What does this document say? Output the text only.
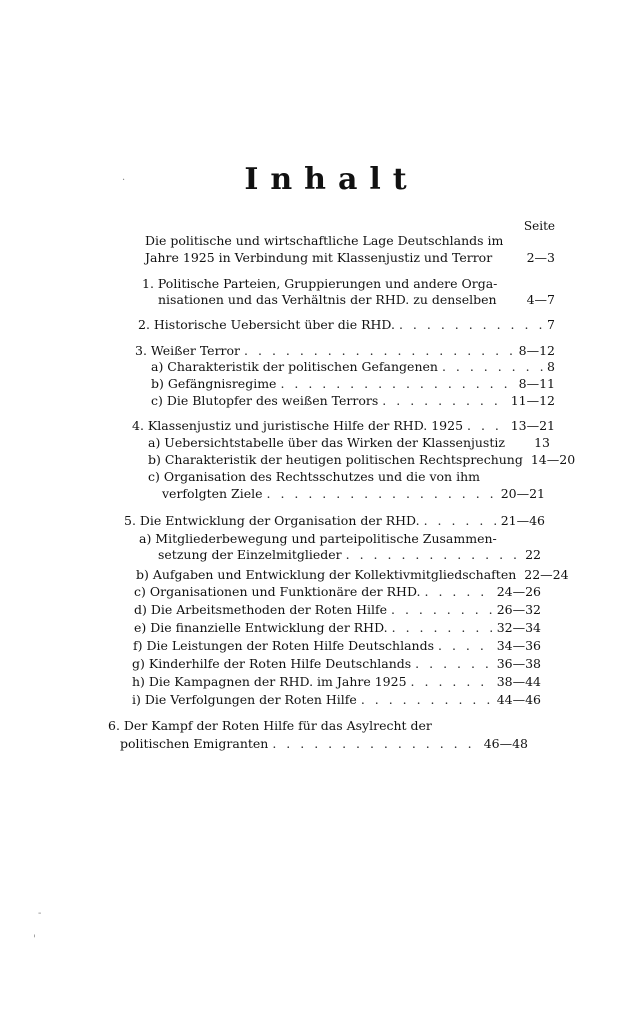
Inhalt
Seite
Die politische und wirtschaftliche Lage Deutschlands im
Jahre 1925 in Verbindung mit Klassenjustiz und Terror	2—3
1. Politische Parteien, Gruppierungen und andere Orga-
nisationen und das Verhältnis der RHD. zu denselben 4—7
2. Historische Uebersicht über die RHD. . . .	7
3. Weißer Terror . . .	8—12
a) Charakteristik der politischen Gefangenen . . .	8
b) Gefängnisregime . . .	8—11
c) Die Blutopfer des weißen Terrors . . .	11—12
4. Klassenjustiz und juristische Hilfe der RHD. 1925 . . .	13—21
a) Uebersichtstabelle über das Wirken der Klassenjustiz 13
b) Charakteristik der heutigen politischen Rechtsprechung 14—20
c) Organisation des Rechtsschutzes und die von ihm
verfolgten Ziele . . .	20—21
5. Die Entwicklung der Organisation der RHD. . . .	21—46
a) Mitgliederbewegung und parteipolitische Zusammen-
setzung der Einzelmitglieder . . .	22
b) Aufgaben und Entwicklung der Kollektivmitgliedschaften 22—24
c) Organisationen und Funktionäre der RHD. . . .	24—26
d) Die Arbeitsmethoden der Roten Hilfe . . .	26—32
e) Die finanzielle Entwicklung der RHD. . . .	32—34
f) Die Leistungen der Roten Hilfe Deutschlands . . .	34—36
g) Kinderhilfe der Roten Hilfe Deutschlands . . .	36—38
h) Die Kampagnen der RHD. im Jahre 1925 . . .	38—44
i) Die Verfolgungen der Roten Hilfe . . .	44—46
6. Der Kampf der Roten Hilfe für das Asylrecht der
politischen Emigranten . . .	46—48
-
'
·
